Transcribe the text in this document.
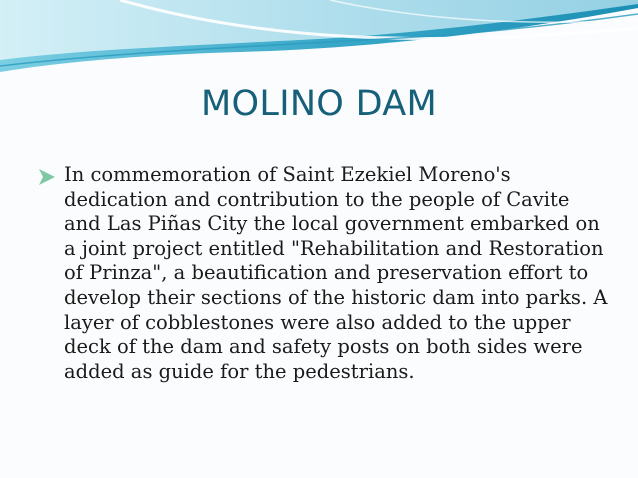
MOLINO DAM
In commemoration of Saint Ezekiel Moreno's
dedication and contribution to the people of Cavite
and Las Piñas City the local government embarked on
a joint project entitled "Rehabilitation and Restoration
of Prinza", a beautification and preservation effort to
develop their sections of the historic dam into parks. A
layer of cobblestones were also added to the upper
deck of the dam and safety posts on both sides were
added as guide for the pedestrians.
